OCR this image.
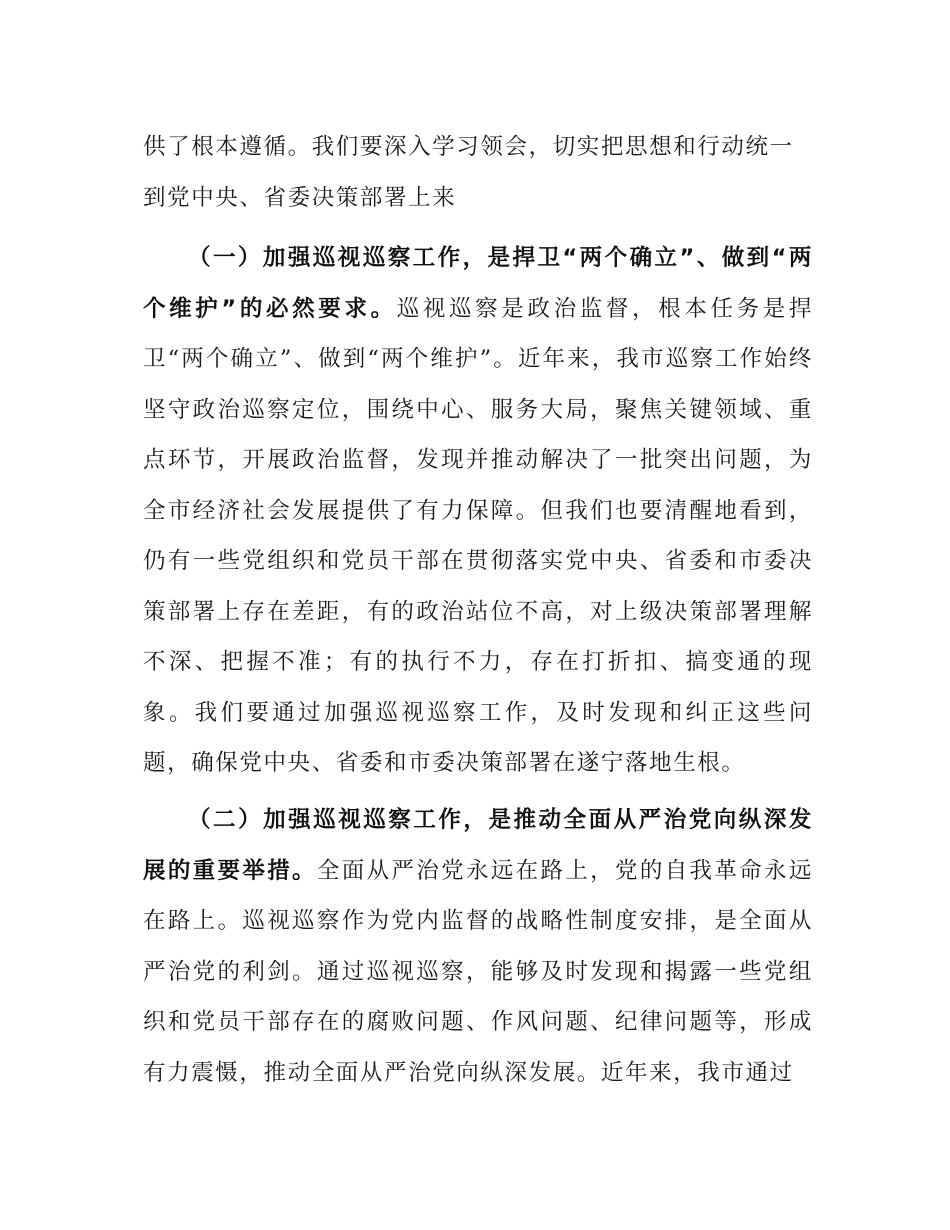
供了根本遵循。我们要深入学习领会，切实把思想和行动统一
到党中央、省委决策部署上来
（一）加强巡视巡察工作，是捍卫“两个确立”、做到“两个维护”的必然要求。巡视巡察是政治监督，根本任务是捍卫“两个确立”、做到“两个维护”。近年来，我市巡察工作始终坚守政治巡察定位，围绕中心、服务大局，聚焦关键领域、重点环节，开展政治监督，发现并推动解决了一批突出问题，为全市经济社会发展提供了有力保障。但我们也要清醒地看到，仍有一些党组织和党员干部在贯彻落实党中央、省委和市委决策部署上存在差距，有的政治站位不高，对上级决策部署理解不深、把握不准；有的执行不力，存在打折扣、搞变通的现象。我们要通过加强巡视巡察工作，及时发现和纠正这些问题，确保党中央、省委和市委决策部署在遂宁落地生根。
（二）加强巡视巡察工作，是推动全面从严治党向纵深发展的重要举措。全面从严治党永远在路上，党的自我革命永远在路上。巡视巡察作为党内监督的战略性制度安排，是全面从严治党的利剑。通过巡视巡察，能够及时发现和揭露一些党组织和党员干部存在的腐败问题、作风问题、纪律问题等，形成有力震慑，推动全面从严治党向纵深发展。近年来，我市通过
